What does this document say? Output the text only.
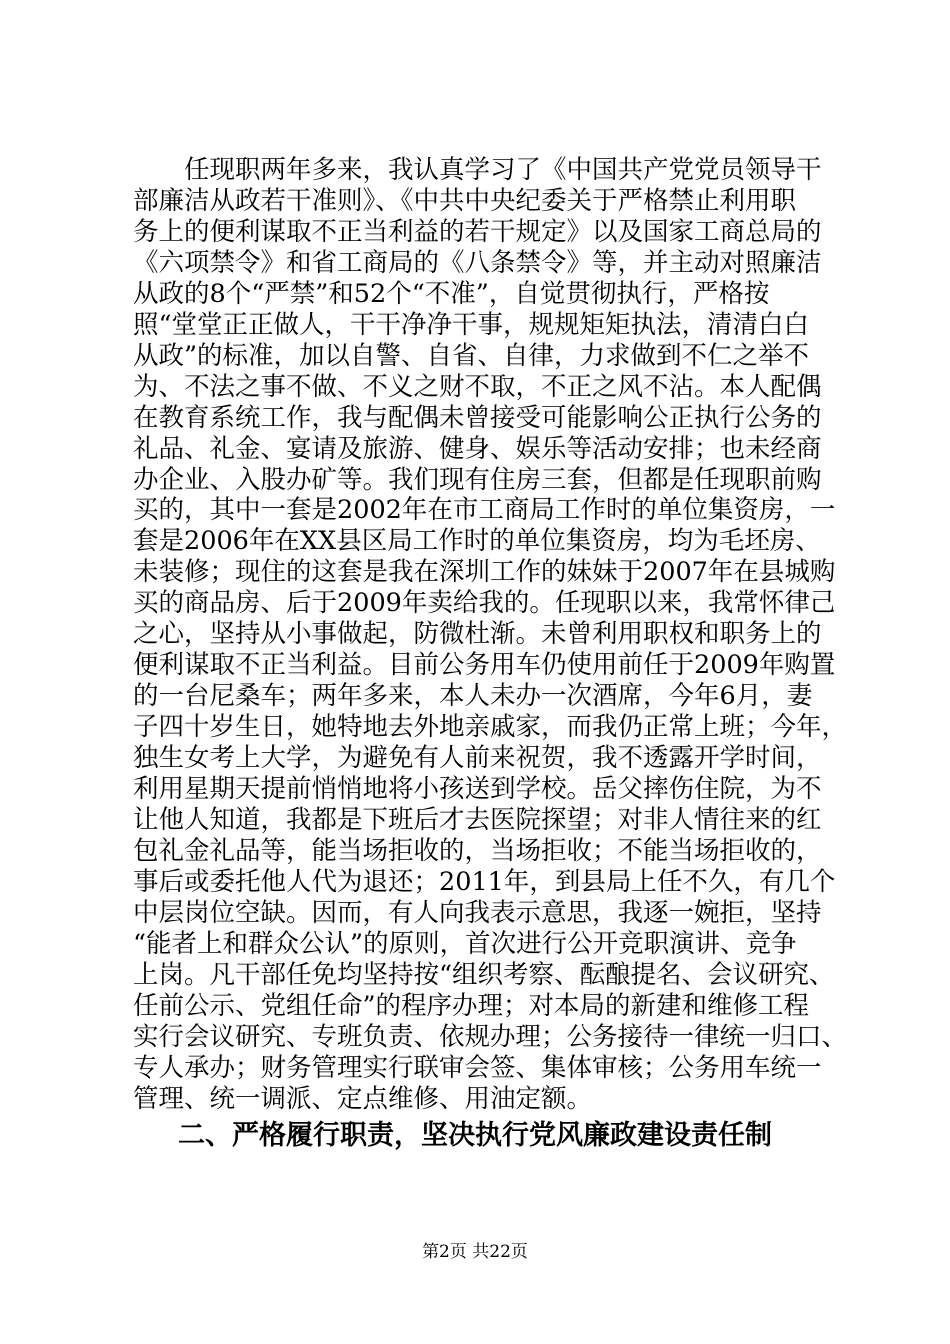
　　任现职两年多来，我认真学习了《中国共产党党员领导干
部廉洁从政若干准则》、《中共中央纪委关于严格禁止利用职
务上的便利谋取不正当利益的若干规定》以及国家工商总局的
《六项禁令》和省工商局的《八条禁令》等，并主动对照廉洁
从政的8个“严禁”和52个“不准”，自觉贯彻执行，严格按
照“堂堂正正做人，干干净净干事，规规矩矩执法，清清白白
从政”的标准，加以自警、自省、自律，力求做到不仁之举不
为、不法之事不做、不义之财不取，不正之风不沾。本人配偶
在教育系统工作，我与配偶未曾接受可能影响公正执行公务的
礼品、礼金、宴请及旅游、健身、娱乐等活动安排；也未经商
办企业、入股办矿等。我们现有住房三套，但都是任现职前购
买的，其中一套是2002年在市工商局工作时的单位集资房，一
套是2006年在XX县区局工作时的单位集资房，均为毛坯房、
未装修；现住的这套是我在深圳工作的妹妹于2007年在县城购
买的商品房、后于2009年卖给我的。任现职以来，我常怀律己
之心，坚持从小事做起，防微杜渐。未曾利用职权和职务上的
便利谋取不正当利益。目前公务用车仍使用前任于2009年购置
的一台尼桑车；两年多来，本人未办一次酒席，今年6月，妻
子四十岁生日，她特地去外地亲戚家，而我仍正常上班；今年，
独生女考上大学，为避免有人前来祝贺，我不透露开学时间，
利用星期天提前悄悄地将小孩送到学校。岳父摔伤住院，为不
让他人知道，我都是下班后才去医院探望；对非人情往来的红
包礼金礼品等，能当场拒收的，当场拒收；不能当场拒收的，
事后或委托他人代为退还；2011年，到县局上任不久，有几个
中层岗位空缺。因而，有人向我表示意思，我逐一婉拒，坚持
“能者上和群众公认”的原则，首次进行公开竞职演讲、竞争
上岗。凡干部任免均坚持按“组织考察、酝酿提名、会议研究、
任前公示、党组任命”的程序办理；对本局的新建和维修工程
实行会议研究、专班负责、依规办理；公务接待一律统一归口、
专人承办；财务管理实行联审会签、集体审核；公务用车统一
管理、统一调派、定点维修、用油定额。
二、严格履行职责，坚决执行党风廉政建设责任制
第2页 共22页
